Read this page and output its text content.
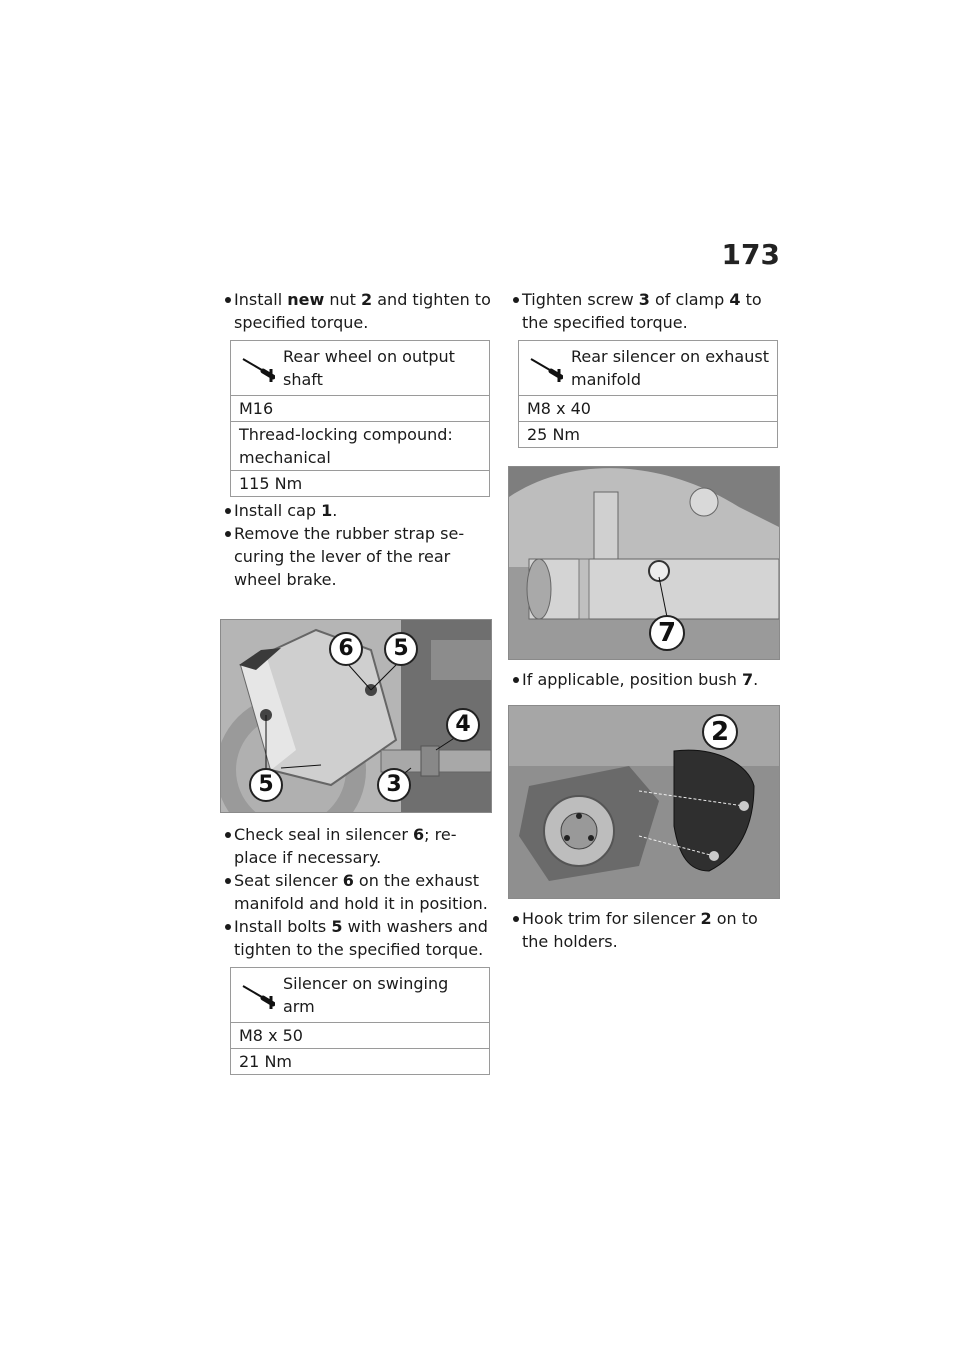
173
Install new nut 2 and tighten to specified torque.
Rear wheel on output shaft
M16
Thread-locking compound: mechanical
115 Nm
Install cap 1.
Remove the rubber strap securing the lever of the rear wheel brake.
6	5
4
5	3
Check seal in silencer 6; replace if necessary.
Seat silencer 6 on the exhaust manifold and hold it in position.
Install bolts 5 with washers and tighten to the specified torque.
Silencer on swinging arm
M8 x 50
21 Nm
Tighten screw 3 of clamp 4 to the specified torque.
Rear silencer on exhaust manifold
M8 x 40
25 Nm
7
If applicable, position bush 7.
2
Hook trim for silencer 2 on to the holders.
